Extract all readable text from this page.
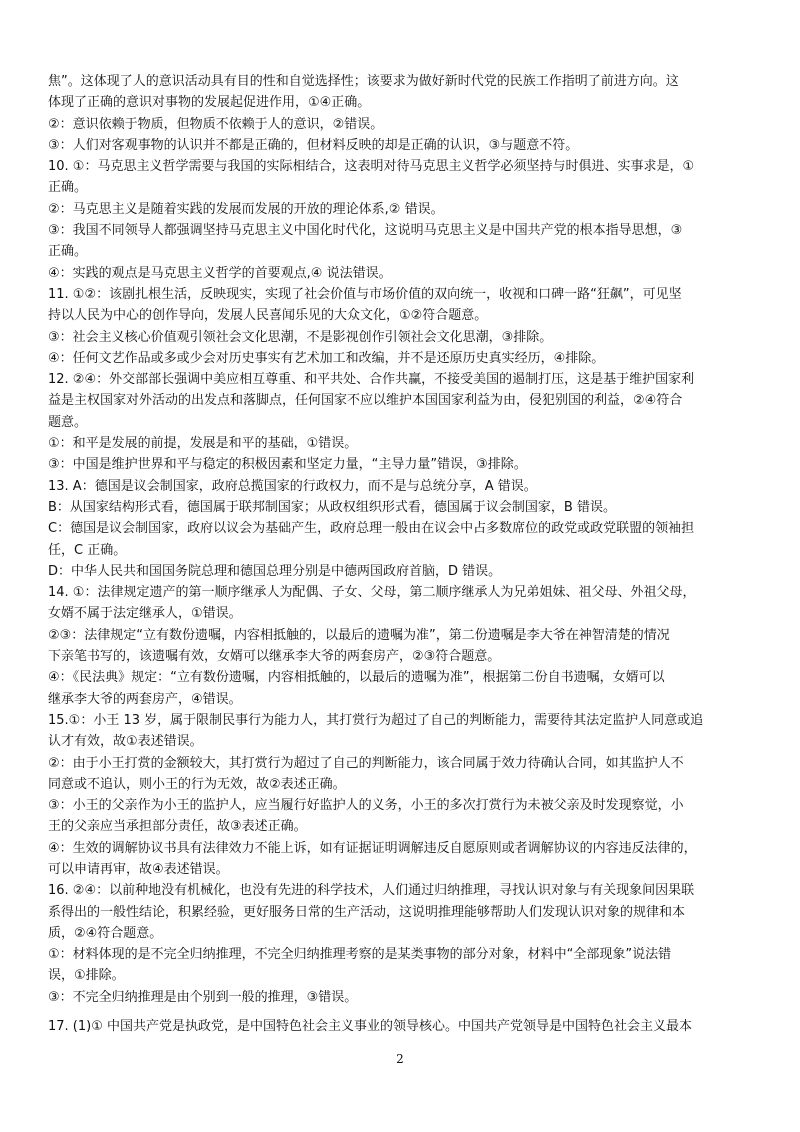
焦”。这体现了人的意识活动具有目的性和自觉选择性；该要求为做好新时代党的民族工作指明了前进方向。这
体现了正确的意识对事物的发展起促进作用，①④正确。
②：意识依赖于物质，但物质不依赖于人的意识，②错误。
③：人们对客观事物的认识并不都是正确的，但材料反映的却是正确的认识，③与题意不符。
10. ①：马克思主义哲学需要与我国的实际相结合，这表明对待马克思主义哲学必须坚持与时俱进、实事求是，①
正确。
②：马克思主义是随着实践的发展而发展的开放的理论体系,② 错误。
③：我国不同领导人都强调坚持马克思主义中国化时代化，这说明马克思主义是中国共产党的根本指导思想，③
正确。
④：实践的观点是马克思主义哲学的首要观点,④ 说法错误。
11. ①②：该剧扎根生活，反映现实，实现了社会价值与市场价值的双向统一，收视和口碑一路“狂飙”，可见坚
持以人民为中心的创作导向，发展人民喜闻乐见的大众文化，①②符合题意。
③：社会主义核心价值观引领社会文化思潮，不是影视创作引领社会文化思潮，③排除。
④：任何文艺作品或多或少会对历史事实有艺术加工和改编，并不是还原历史真实经历，④排除。
12. ②④：外交部部长强调中美应相互尊重、和平共处、合作共赢，不接受美国的遏制打压，这是基于维护国家利
益是主权国家对外活动的出发点和落脚点，任何国家不应以维护本国国家利益为由，侵犯别国的利益，②④符合
题意。
①：和平是发展的前提，发展是和平的基础，①错误。
③：中国是维护世界和平与稳定的积极因素和坚定力量，“主导力量”错误，③排除。
13. A：德国是议会制国家，政府总揽国家的行政权力，而不是与总统分享，A 错误。
B：从国家结构形式看，德国属于联邦制国家；从政权组织形式看，德国属于议会制国家，B 错误。
C：德国是议会制国家，政府以议会为基础产生，政府总理一般由在议会中占多数席位的政党或政党联盟的领袖担
任，C 正确。
D：中华人民共和国国务院总理和德国总理分别是中德两国政府首脑，D 错误。
14. ①：法律规定遗产的第一顺序继承人为配偶、子女、父母，第二顺序继承人为兄弟姐妹、祖父母、外祖父母，
女婿不属于法定继承人，①错误。
②③：法律规定“立有数份遗嘱，内容相抵触的，以最后的遗嘱为准”，第二份遗嘱是李大爷在神智清楚的情况
下亲笔书写的，该遗嘱有效，女婿可以继承李大爷的两套房产，②③符合题意。
④：《民法典》规定：“立有数份遗嘱，内容相抵触的，以最后的遗嘱为准”，根据第二份自书遗嘱，女婿可以
继承李大爷的两套房产，④错误。
15.①：小王 13 岁，属于限制民事行为能力人，其打赏行为超过了自己的判断能力，需要待其法定监护人同意或追
认才有效，故①表述错误。
②：由于小王打赏的金额较大，其打赏行为超过了自己的判断能力，该合同属于效力待确认合同，如其监护人不
同意或不追认，则小王的行为无效，故②表述正确。
③：小王的父亲作为小王的监护人，应当履行好监护人的义务，小王的多次打赏行为未被父亲及时发现察觉，小
王的父亲应当承担部分责任，故③表述正确。
④：生效的调解协议书具有法律效力不能上诉，如有证据证明调解违反自愿原则或者调解协议的内容违反法律的，
可以申请再审，故④表述错误。
16. ②④：以前种地没有机械化，也没有先进的科学技术，人们通过归纳推理，寻找认识对象与有关现象间因果联
系得出的一般性结论，积累经验，更好服务日常的生产活动，这说明推理能够帮助人们发现认识对象的规律和本
质，②④符合题意。
①：材料体现的是不完全归纳推理，不完全归纳推理考察的是某类事物的部分对象，材料中“全部现象”说法错
误，①排除。
③：不完全归纳推理是由个别到一般的推理，③错误。
17. (1)① 中国共产党是执政党，是中国特色社会主义事业的领导核心。中国共产党领导是中国特色社会主义最本
2
